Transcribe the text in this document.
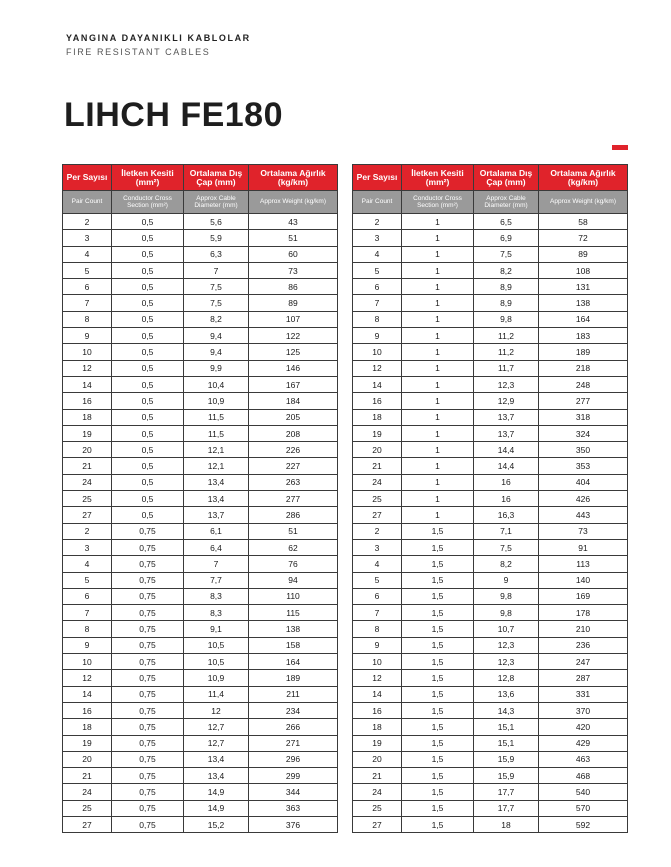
YANGINA DAYANIKLI KABLOLAR
FIRE RESISTANT CABLES
LIHCH FE180
Per Sayısı	İletken Kesiti (mm²)	Ortalama Dış Çap (mm)	Ortalama Ağırlık (kg/km)
Pair Count	Conductor Cross Section (mm²)	Approx Cable Diameter (mm)	Approx Weight (kg/km)
2	0,5	5,6	43
3	0,5	5,9	51
4	0,5	6,3	60
5	0,5	7	73
6	0,5	7,5	86
7	0,5	7,5	89
8	0,5	8,2	107
9	0,5	9,4	122
10	0,5	9,4	125
12	0,5	9,9	146
14	0,5	10,4	167
16	0,5	10,9	184
18	0,5	11,5	205
19	0,5	11,5	208
20	0,5	12,1	226
21	0,5	12,1	227
24	0,5	13,4	263
25	0,5	13,4	277
27	0,5	13,7	286
2	0,75	6,1	51
3	0,75	6,4	62
4	0,75	7	76
5	0,75	7,7	94
6	0,75	8,3	110
7	0,75	8,3	115
8	0,75	9,1	138
9	0,75	10,5	158
10	0,75	10,5	164
12	0,75	10,9	189
14	0,75	11,4	211
16	0,75	12	234
18	0,75	12,7	266
19	0,75	12,7	271
20	0,75	13,4	296
21	0,75	13,4	299
24	0,75	14,9	344
25	0,75	14,9	363
27	0,75	15,2	376
Per Sayısı	İletken Kesiti (mm²)	Ortalama Dış Çap (mm)	Ortalama Ağırlık (kg/km)
Pair Count	Conductor Cross Section (mm²)	Approx Cable Diameter (mm)	Approx Weight (kg/km)
2	1	6,5	58
3	1	6,9	72
4	1	7,5	89
5	1	8,2	108
6	1	8,9	131
7	1	8,9	138
8	1	9,8	164
9	1	11,2	183
10	1	11,2	189
12	1	11,7	218
14	1	12,3	248
16	1	12,9	277
18	1	13,7	318
19	1	13,7	324
20	1	14,4	350
21	1	14,4	353
24	1	16	404
25	1	16	426
27	1	16,3	443
2	1,5	7,1	73
3	1,5	7,5	91
4	1,5	8,2	113
5	1,5	9	140
6	1,5	9,8	169
7	1,5	9,8	178
8	1,5	10,7	210
9	1,5	12,3	236
10	1,5	12,3	247
12	1,5	12,8	287
14	1,5	13,6	331
16	1,5	14,3	370
18	1,5	15,1	420
19	1,5	15,1	429
20	1,5	15,9	463
21	1,5	15,9	468
24	1,5	17,7	540
25	1,5	17,7	570
27	1,5	18	592
